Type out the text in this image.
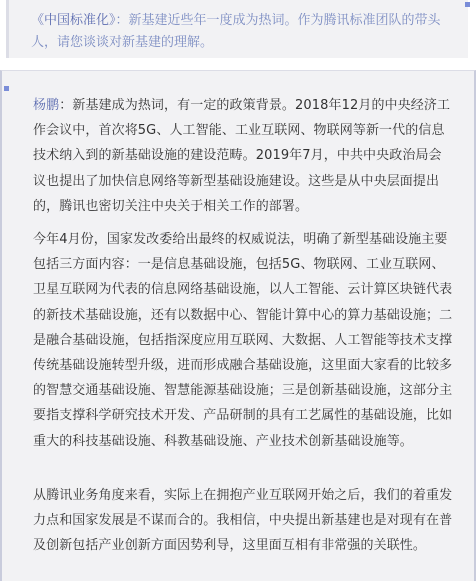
《中国标准化》：新基建近些年一度成为热词。作为腾讯标准团队的带头人，请您谈谈对新基建的理解。

杨鹏：新基建成为热词，有一定的政策背景。2018年12月的中央经济工作会议中，首次将5G、人工智能、工业互联网、物联网等新一代的信息技术纳入到的新基础设施的建设范畴。2019年7月，中共中央政治局会议也提出了加快信息网络等新型基础设施建设。这些是从中央层面提出的，腾讯也密切关注中央关于相关工作的部署。

今年4月份，国家发改委给出最终的权威说法，明确了新型基础设施主要包括三方面内容：一是信息基础设施，包括5G、物联网、工业互联网、卫星互联网为代表的信息网络基础设施，以人工智能、云计算区块链代表的新技术基础设施，还有以数据中心、智能计算中心的算力基础设施；二是融合基础设施，包括指深度应用互联网、大数据、人工智能等技术支撑传统基础设施转型升级，进而形成融合基础设施，这里面大家看的比较多的智慧交通基础设施、智慧能源基础设施；三是创新基础设施，这部分主要指支撑科学研究技术开发、产品研制的具有工艺属性的基础设施，比如重大的科技基础设施、科教基础设施、产业技术创新基础设施等。

从腾讯业务角度来看，实际上在拥抱产业互联网开始之后，我们的着重发力点和国家发展是不谋而合的。我相信，中央提出新基建也是对现有在普及创新包括产业创新方面因势利导，这里面互相有非常强的关联性。
